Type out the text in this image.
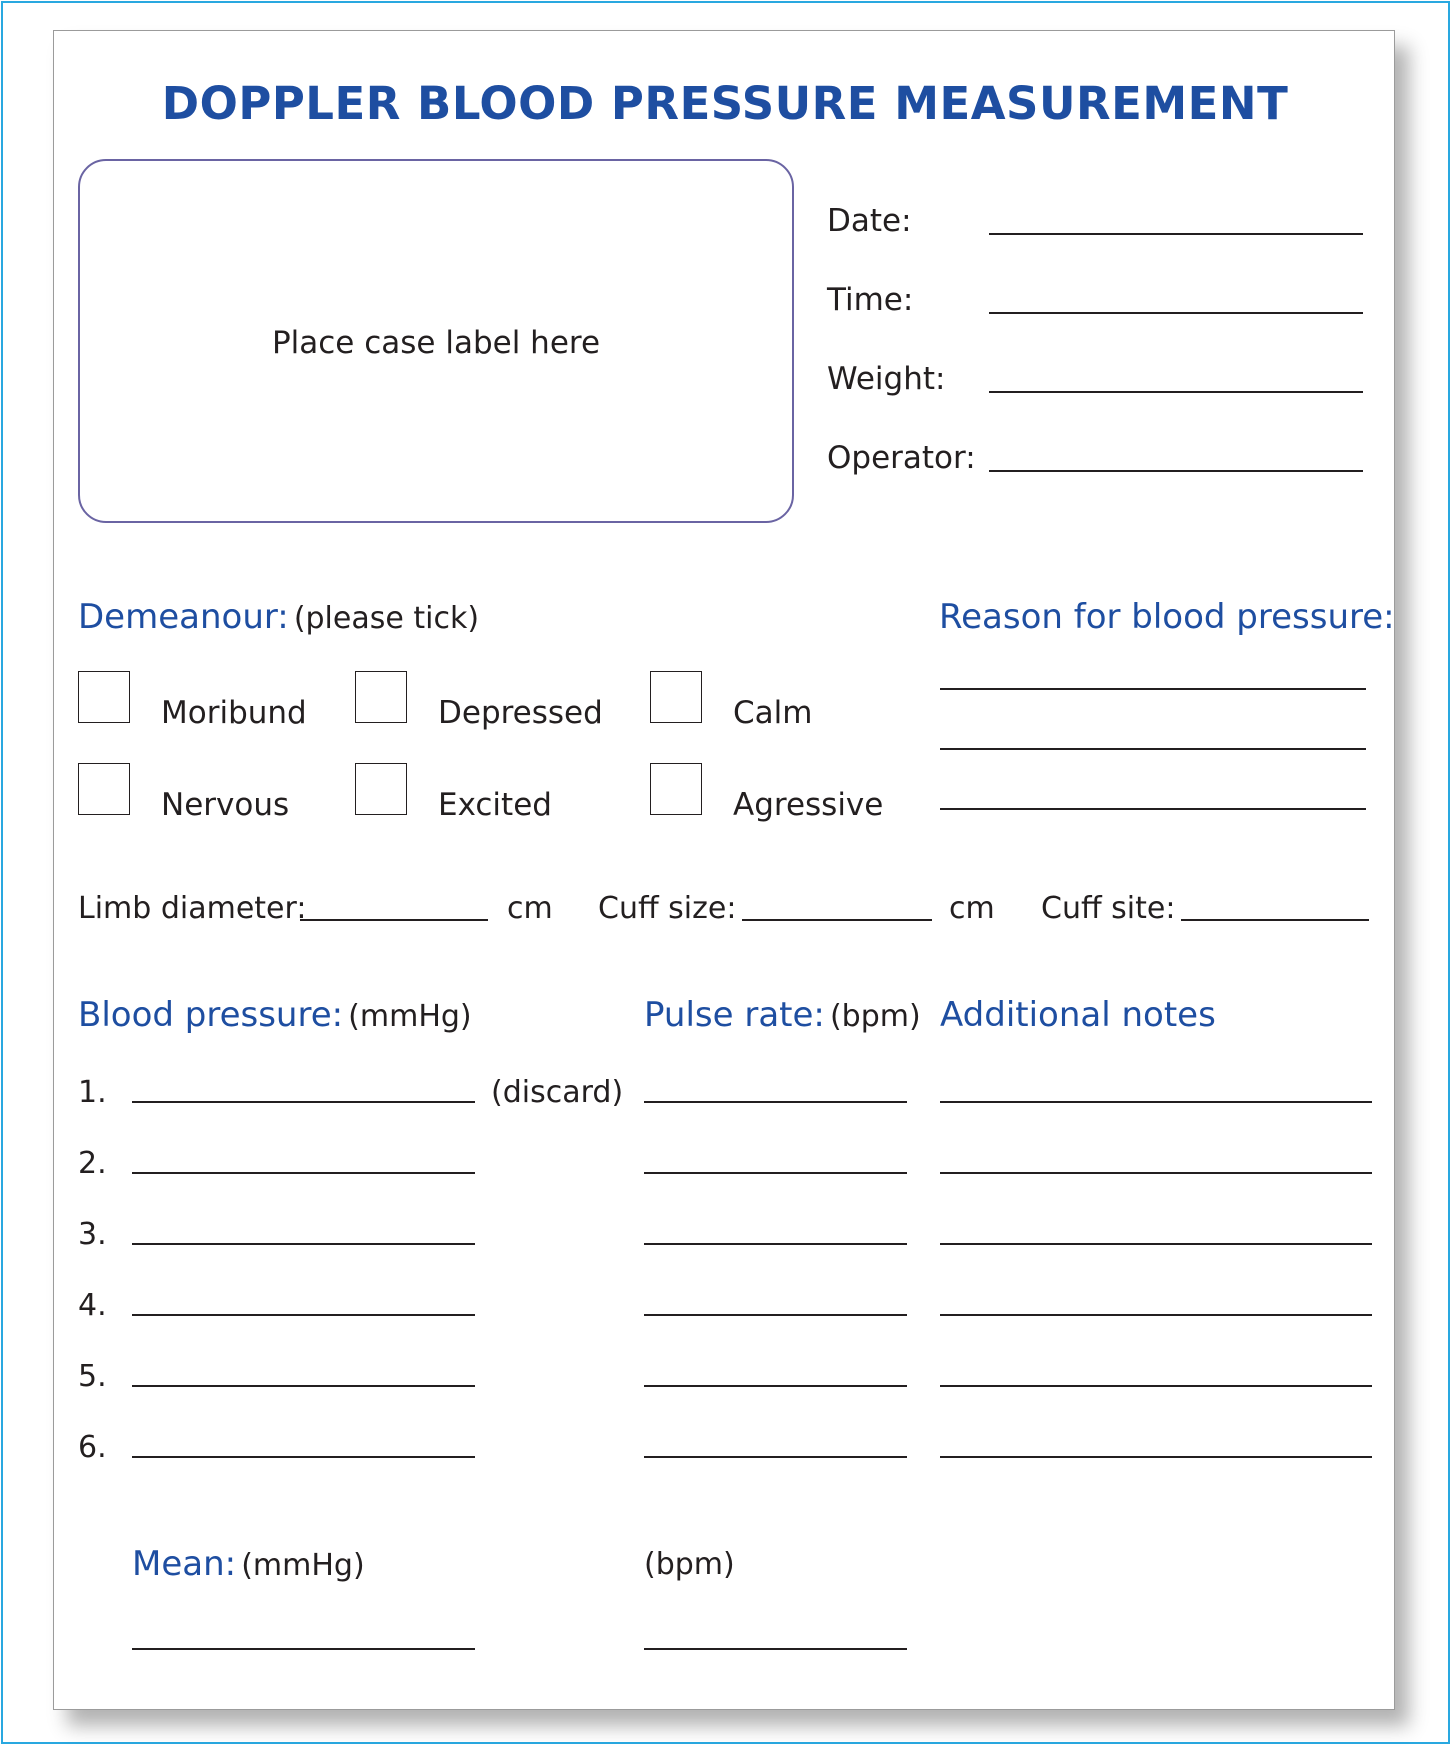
DOPPLER BLOOD PRESSURE MEASUREMENT
Place case label here
Date:
Time:
Weight:
Operator:
Demeanour: (please tick)
Moribund	Depressed	Calm
Nervous	Excited	Agressive
Reason for blood pressure:
Limb diameter:	cm Cuff size:	cm Cuff site:
Blood pressure: (mmHg)	Pulse rate: (bpm) Additional notes
1.	(discard)
2.
3.
4.
5.
6.
Mean: (mmHg)	(bpm)
